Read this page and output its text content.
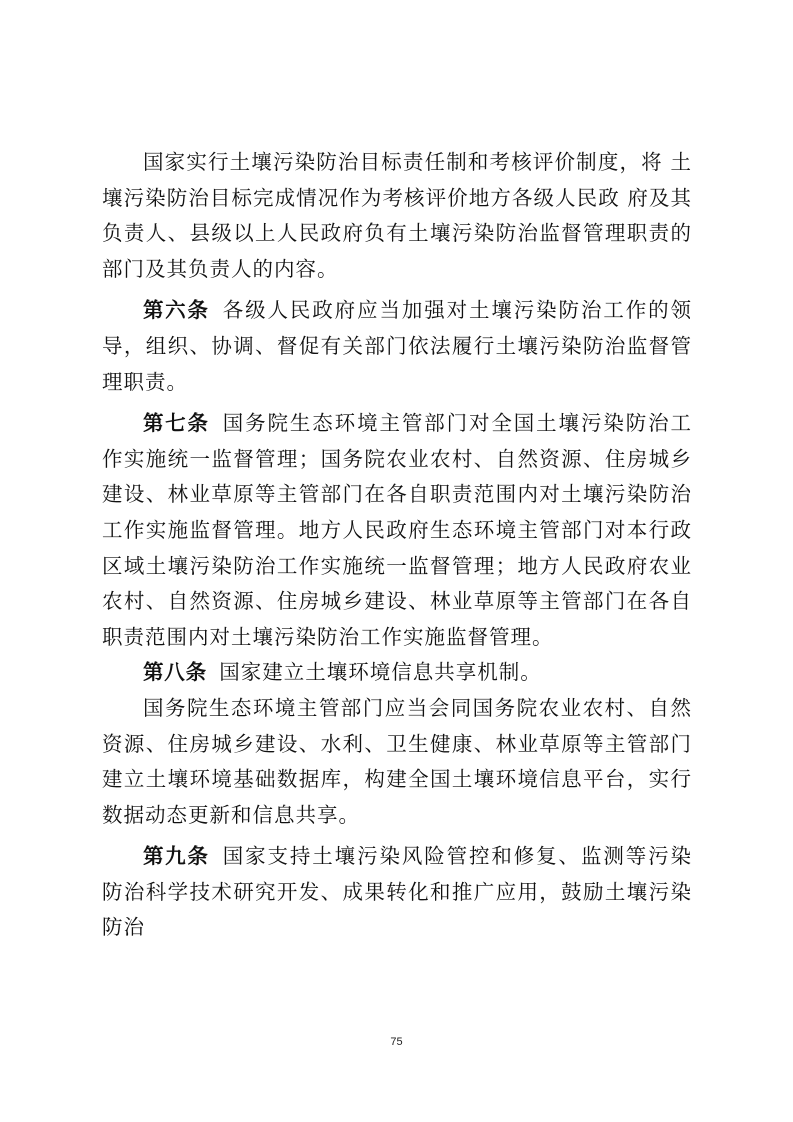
国家实行土壤污染防治目标责任制和考核评价制度，将 土壤污染防治目标完成情况作为考核评价地方各级人民政 府及其负责人、县级以上人民政府负有土壤污染防治监督管理职责的部门及其负责人的内容。

第六条 各级人民政府应当加强对土壤污染防治工作的领导，组织、协调、督促有关部门依法履行土壤污染防治监督管理职责。

第七条 国务院生态环境主管部门对全国土壤污染防治工作实施统一监督管理；国务院农业农村、自然资源、住房城乡建设、林业草原等主管部门在各自职责范围内对土壤污染防治工作实施监督管理。地方人民政府生态环境主管部门对本行政区域土壤污染防治工作实施统一监督管理；地方人民政府农业农村、自然资源、住房城乡建设、林业草原等主管部门在各自职责范围内对土壤污染防治工作实施监督管理。

第八条 国家建立土壤环境信息共享机制。

国务院生态环境主管部门应当会同国务院农业农村、自然资源、住房城乡建设、水利、卫生健康、林业草原等主管部门建立土壤环境基础数据库，构建全国土壤环境信息平台，实行数据动态更新和信息共享。

第九条 国家支持土壤污染风险管控和修复、监测等污染防治科学技术研究开发、成果转化和推广应用，鼓励土壤污染防治

75
